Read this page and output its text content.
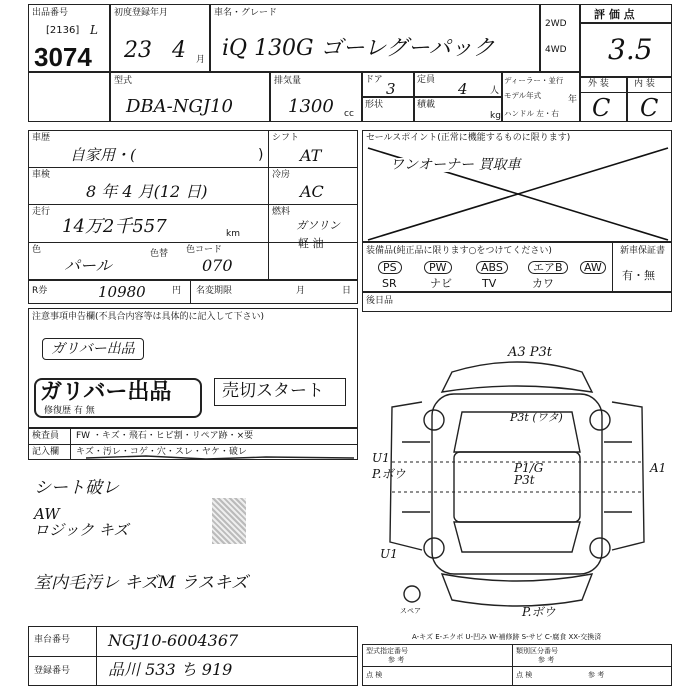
出品番号
[2136] L
3074
初度登録年月
23 4 月
車名・グレード
iQ 130G ゴーレグーパック
2WD
4WD
評 価 点
3.5
外 装	内 装
C C
型式
DBA-NGJ10
排気量
1300 cc
ドア 3 定員 4 人
形状	積載
kg
ディーラー・並行
モデル年式	年
ハンドル 左・右
車歴
自家用・(	)
シフト
AT
車検
8 年 4 月(12 日)
冷房
AC
走行
14万2千557	km
燃料
ガソリン
軽 油
色
パール
色替 色コード
070
R券	10980	円 名変期限	月	日
セールスポイント(正常に機能するものに限ります)
ワンオーナー 買取車
装備品(純正品に限ります○をつけてください)	新車保証書
有・無
PS	PW	ABS	エアB	AW
SR	ナビ	TV	カワ
後日品
注意事項申告欄(不具合内容等は具体的に記入して下さい)
ガリバー出品
ガリバー出品
修復歴 有 無
売切スタート
検査員 FW ・キズ・飛石・ヒビ割・リペア跡・×要
記入欄 キズ・汚レ・コゲ・穴・スレ・ヤケ・破レ
シート破レ
AW
ロジック キズ
室内毛汚レ キズM ラスキズ
A3 P3t
P3t (ワタ)
P1/G P3t
U1
P.ボウ
U1
A1
P.ボウ
スペア
A-キズ E-エクボ U-凹み W-補修跡 S-サビ C-腐食 XX-交換済
車台番号 NGJ10-6004367
登録番号 品川 533 ち 919
型式指定番号
参 考
類別区分番号
参 考
点 検	点 検	参 考
